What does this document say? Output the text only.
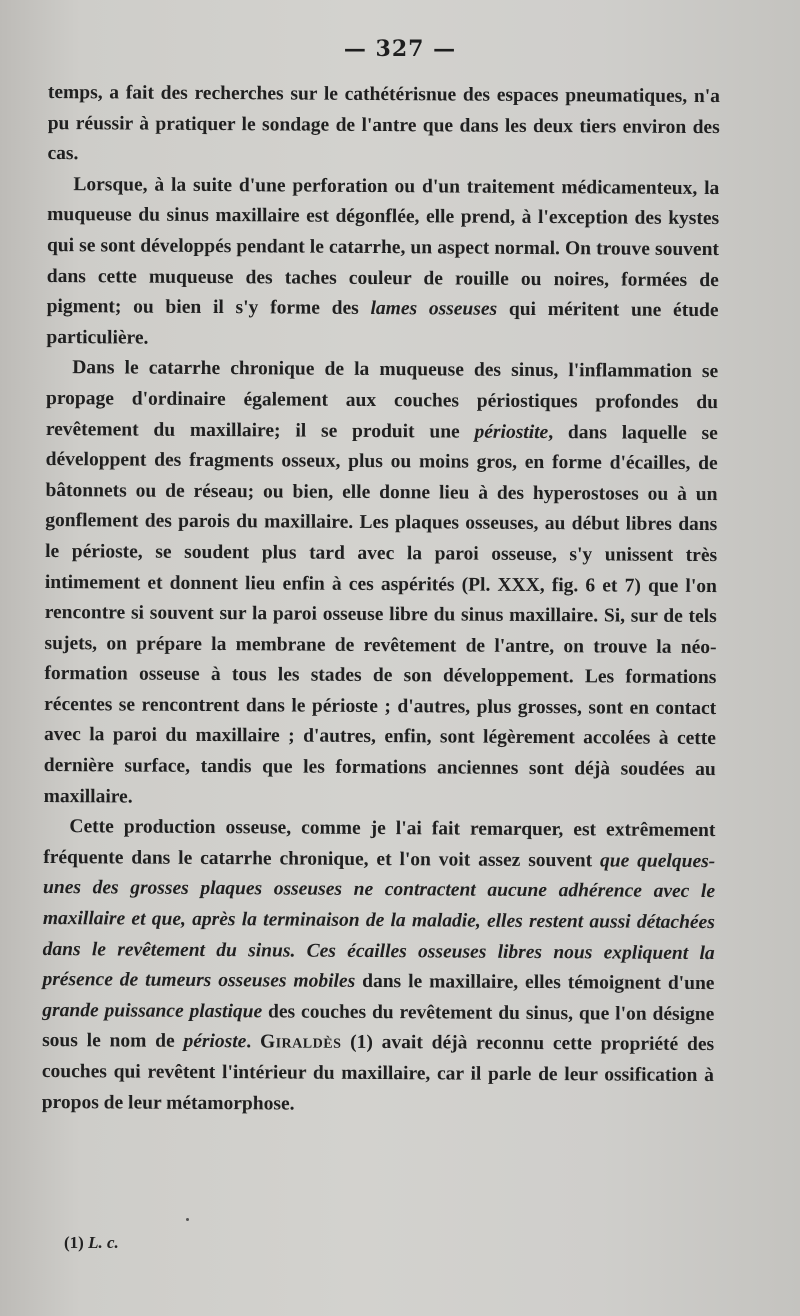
— 327 —

temps, a fait des recherches sur le cathétérisnue des espaces pneumatiques, n'a pu réussir à pratiquer le sondage de l'antre que dans les deux tiers environ des cas.

Lorsque, à la suite d'une perforation ou d'un traitement médicamenteux, la muqueuse du sinus maxillaire est dégonflée, elle prend, à l'exception des kystes qui se sont développés pendant le catarrhe, un aspect normal. On trouve souvent dans cette muqueuse des taches couleur de rouille ou noires, formées de pigment; ou bien il s'y forme des lames osseuses qui méritent une étude particulière.

Dans le catarrhe chronique de la muqueuse des sinus, l'inflammation se propage d'ordinaire également aux couches périostiques profondes du revêtement du maxillaire; il se produit une périostite, dans laquelle se développent des fragments osseux, plus ou moins gros, en forme d'écailles, de bâtonnets ou de réseau; ou bien, elle donne lieu à des hyperostoses ou à un gonflement des parois du maxillaire. Les plaques osseuses, au début libres dans le périoste, se soudent plus tard avec la paroi osseuse, s'y unissent très intimement et donnent lieu enfin à ces aspérités (Pl. XXX, fig. 6 et 7) que l'on rencontre si souvent sur la paroi osseuse libre du sinus maxillaire. Si, sur de tels sujets, on prépare la membrane de revêtement de l'antre, on trouve la néo-formation osseuse à tous les stades de son développement. Les formations récentes se rencontrent dans le périoste ; d'autres, plus grosses, sont en contact avec la paroi du maxillaire ; d'autres, enfin, sont légèrement accolées à cette dernière surface, tandis que les formations anciennes sont déjà soudées au maxillaire.

Cette production osseuse, comme je l'ai fait remarquer, est extrêmement fréquente dans le catarrhe chronique, et l'on voit assez souvent que quelques-unes des grosses plaques osseuses ne contractent aucune adhérence avec le maxillaire et que, après la terminaison de la maladie, elles restent aussi détachées dans le revêtement du sinus. Ces écailles osseuses libres nous expliquent la présence de tumeurs osseuses mobiles dans le maxillaire, elles témoignent d'une grande puissance plastique des couches du revêtement du sinus, que l'on désigne sous le nom de périoste. Giraldès (1) avait déjà reconnu cette propriété des couches qui revêtent l'intérieur du maxillaire, car il parle de leur ossification à propos de leur métamorphose.

(1) L. c.
